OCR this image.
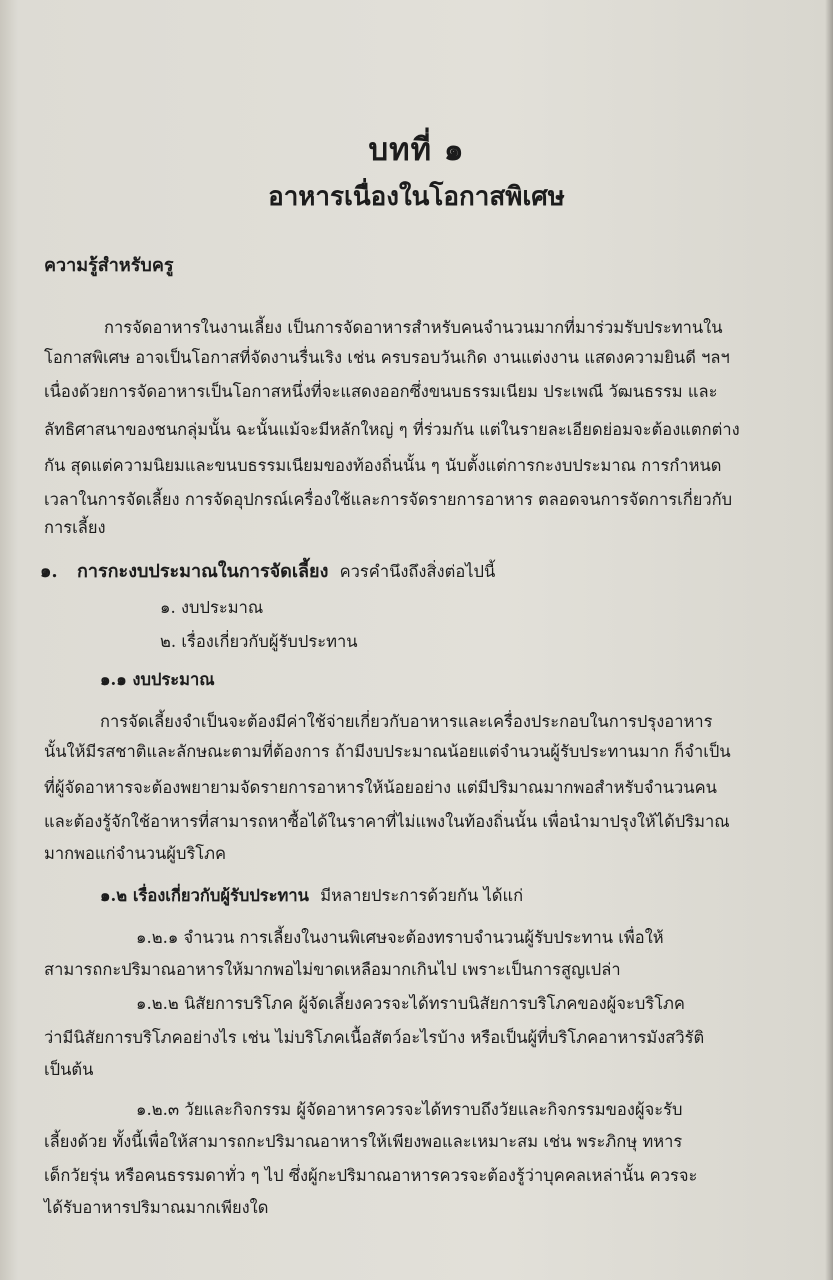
บทที่ ๑
อาหารเนื่องในโอกาสพิเศษ

ความรู้สำหรับครู

การจัดอาหารในงานเลี้ยง เป็นการจัดอาหารสำหรับคนจำนวนมากที่มาร่วมรับประทานใน

โอกาสพิเศษ อาจเป็นโอกาสที่จัดงานรื่นเริง เช่น ครบรอบวันเกิด งานแต่งงาน แสดงความยินดี ฯลฯ

เนื่องด้วยการจัดอาหารเป็นโอกาสหนึ่งที่จะแสดงออกซึ่งขนบธรรมเนียม ประเพณี วัฒนธรรม และ

ลัทธิศาสนาของชนกลุ่มนั้น ฉะนั้นแม้จะมีหลักใหญ่ ๆ ที่ร่วมกัน แต่ในรายละเอียดย่อมจะต้องแตกต่าง

กัน สุดแต่ความนิยมและขนบธรรมเนียมของท้องถิ่นนั้น ๆ นับตั้งแต่การกะงบประมาณ การกำหนด

เวลาในการจัดเลี้ยง การจัดอุปกรณ์เครื่องใช้และการจัดรายการอาหาร ตลอดจนการจัดการเกี่ยวกับ

การเลี้ยง

๑. การกะงบประมาณในการจัดเลี้ยง ควรคำนึงถึงสิ่งต่อไปนี้

๑. งบประมาณ

๒. เรื่องเกี่ยวกับผู้รับประทาน

๑.๑ งบประมาณ

การจัดเลี้ยงจำเป็นจะต้องมีค่าใช้จ่ายเกี่ยวกับอาหารและเครื่องประกอบในการปรุงอาหาร

นั้นให้มีรสชาติและลักษณะตามที่ต้องการ ถ้ามีงบประมาณน้อยแต่จำนวนผู้รับประทานมาก ก็จำเป็น

ที่ผู้จัดอาหารจะต้องพยายามจัดรายการอาหารให้น้อยอย่าง แต่มีปริมาณมากพอสำหรับจำนวนคน

และต้องรู้จักใช้อาหารที่สามารถหาซื้อได้ในราคาที่ไม่แพงในท้องถิ่นนั้น เพื่อนำมาปรุงให้ได้ปริมาณ

มากพอแก่จำนวนผู้บริโภค

๑.๒ เรื่องเกี่ยวกับผู้รับประทาน มีหลายประการด้วยกัน ได้แก่

๑.๒.๑ จำนวน การเลี้ยงในงานพิเศษจะต้องทราบจำนวนผู้รับประทาน เพื่อให้

สามารถกะปริมาณอาหารให้มากพอไม่ขาดเหลือมากเกินไป เพราะเป็นการสูญเปล่า

๑.๒.๒ นิสัยการบริโภค ผู้จัดเลี้ยงควรจะได้ทราบนิสัยการบริโภคของผู้จะบริโภค

ว่ามีนิสัยการบริโภคอย่างไร เช่น ไม่บริโภคเนื้อสัตว์อะไรบ้าง หรือเป็นผู้ที่บริโภคอาหารมังสวิรัติ

เป็นต้น

๑.๒.๓ วัยและกิจกรรม ผู้จัดอาหารควรจะได้ทราบถึงวัยและกิจกรรมของผู้จะรับ

เลี้ยงด้วย ทั้งนี้เพื่อให้สามารถกะปริมาณอาหารให้เพียงพอและเหมาะสม เช่น พระภิกษุ ทหาร

เด็กวัยรุ่น หรือคนธรรมดาทั่ว ๆ ไป ซึ่งผู้กะปริมาณอาหารควรจะต้องรู้ว่าบุคคลเหล่านั้น ควรจะ

ได้รับอาหารปริมาณมากเพียงใด
